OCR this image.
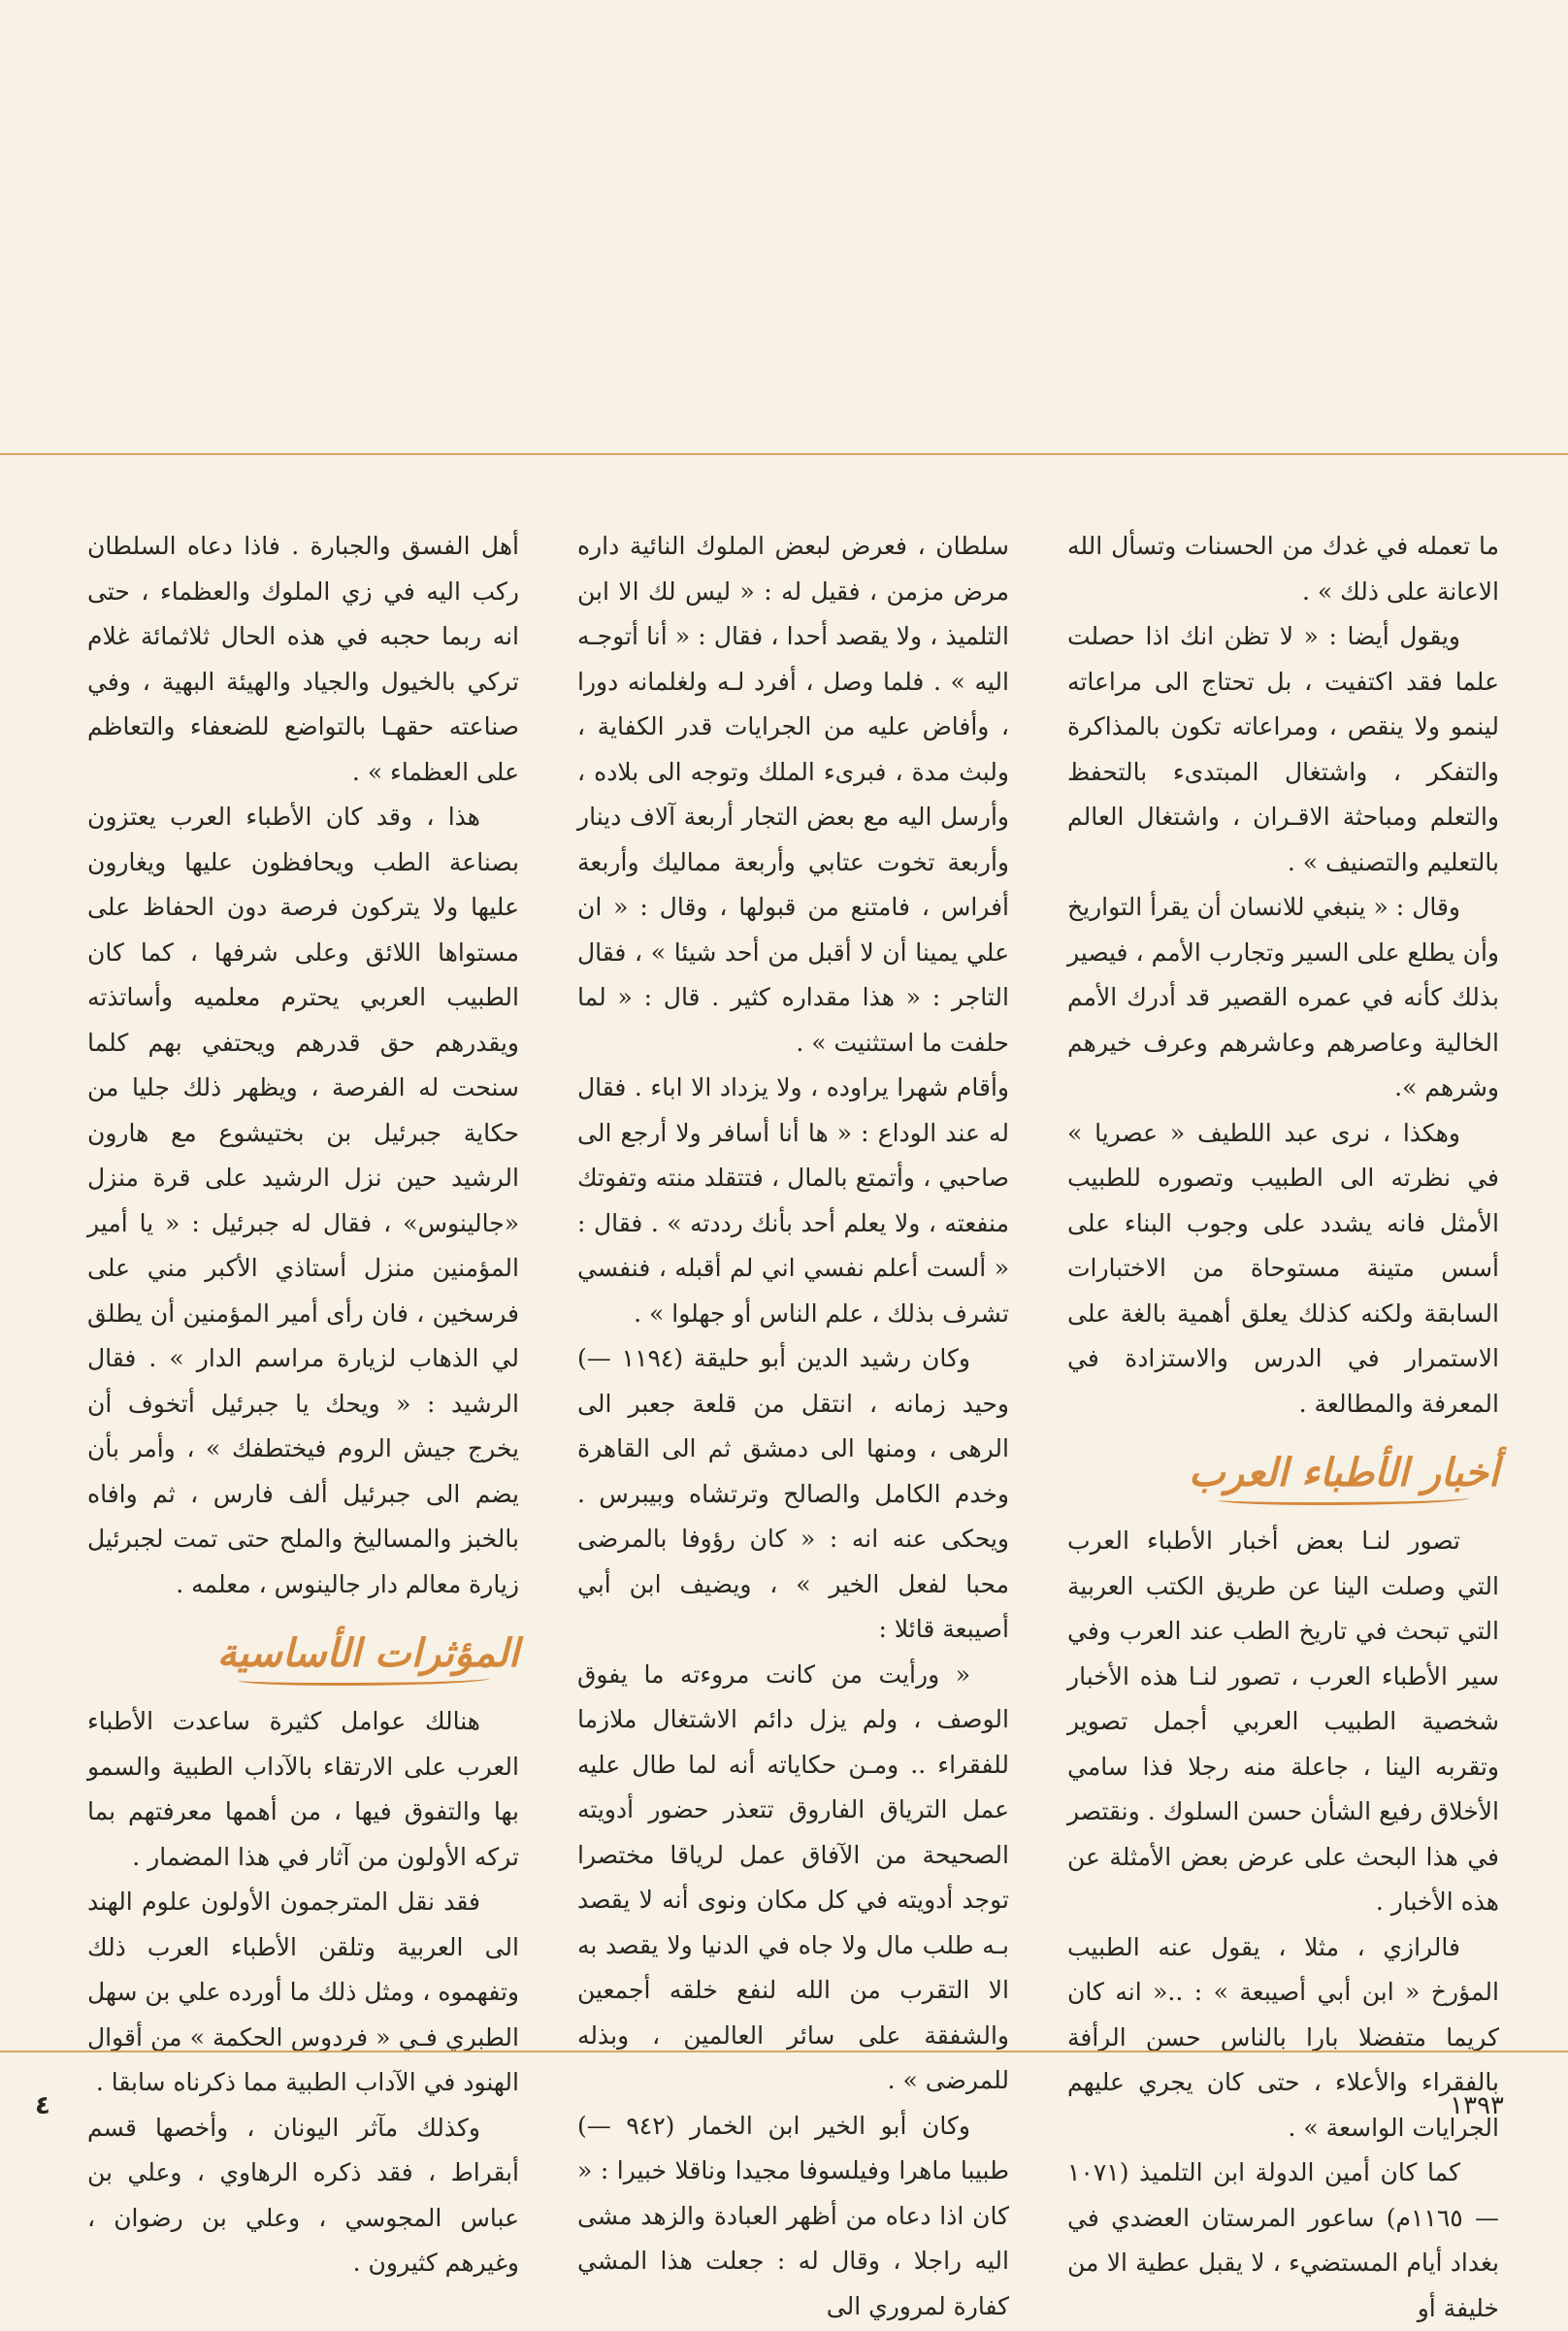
ما تعمله في غدك من الحسنات وتسأل الله الاعانة على ذلك » .

ويقول أيضا : « لا تظن انك اذا حصلت علما فقد اكتفيت ، بل تحتاج الى مراعاته لينمو ولا ينقص ، ومراعاته تكون بالمذاكرة والتفكر ، واشتغال المبتدىء بالتحفظ والتعلم ومباحثة الاقـران ، واشتغال العالم بالتعليم والتصنيف » .

وقال : « ينبغي للانسان أن يقرأ التواريخ وأن يطلع على السير وتجارب الأمم ، فيصير بذلك كأنه في عمره القصير قد أدرك الأمم الخالية وعاصرهم وعاشرهم وعرف خيرهم وشرهم ».

وهكذا ، نرى عبد اللطيف « عصريا » في نظرته الى الطبيب وتصوره للطبيب الأمثل فانه يشدد على وجوب البناء على أسس متينة مستوحاة من الاختبارات السابقة ولكنه كذلك يعلق أهمية بالغة على الاستمرار في الدرس والاستزادة في المعرفة والمطالعة .

أخبار الأطباء العرب

تصور لنـا بعض أخبار الأطباء العرب التي وصلت الينا عن طريق الكتب العربية التي تبحث في تاريخ الطب عند العرب وفي سير الأطباء العرب ، تصور لنـا هذه الأخبار شخصية الطبيب العربي أجمل تصوير وتقربه الينا ، جاعلة منه رجلا فذا سامي الأخلاق رفيع الشأن حسن السلوك . ونقتصر في هذا البحث على عرض بعض الأمثلة عن هذه الأخبار .

فالرازي ، مثلا ، يقول عنه الطبيب المؤرخ « ابن أبي أصيبعة » : ..« انه كان كريما متفضلا بارا بالناس حسن الرأفة بالفقراء والأعلاء ، حتى كان يجري عليهم الجرايات الواسعة » .

كما كان أمين الدولة ابن التلميذ (١٠٧١ — ١١٦٥م) ساعور المرستان العضدي في بغداد أيام المستضيء ، لا يقبل عطية الا من خليفة أو

سلطان ، فعرض لبعض الملوك النائية داره مرض مزمن ، فقيل له : « ليس لك الا ابن التلميذ ، ولا يقصد أحدا ، فقال : « أنا أتوجـه اليه » . فلما وصل ، أفرد لـه ولغلمانه دورا ، وأفاض عليه من الجرايات قدر الكفاية ، ولبث مدة ، فبرىء الملك وتوجه الى بلاده ، وأرسل اليه مع بعض التجار أربعة آلاف دينار وأربعة تخوت عتابي وأربعة مماليك وأربعة أفراس ، فامتنع من قبولها ، وقال : « ان علي يمينا أن لا أقبل من أحد شيئا » ، فقال التاجر : « هذا مقداره كثير . قال : « لما حلفت ما استثنيت » .

وأقام شهرا يراوده ، ولا يزداد الا اباء . فقال له عند الوداع : « ها أنا أسافر ولا أرجع الى صاحبي ، وأتمتع بالمال ، فتتقلد منته وتفوتك منفعته ، ولا يعلم أحد بأنك رددته » . فقال : « ألست أعلم نفسي اني لم أقبله ، فنفسي تشرف بذلك ، علم الناس أو جهلوا » .

وكان رشيد الدين أبو حليقة (١١٩٤ —) وحيد زمانه ، انتقل من قلعة جعبر الى الرهى ، ومنها الى دمشق ثم الى القاهرة وخدم الكامل والصالح وترتشاه وبيبرس . ويحكى عنه انه : « كان رؤوفا بالمرضى محبا لفعل الخير » ، ويضيف ابن أبي أصيبعة قائلا :

« ورأيت من كانت مروءته ما يفوق الوصف ، ولم يزل دائم الاشتغال ملازما للفقراء .. ومـن حكاياته أنه لما طال عليه عمل الترياق الفاروق تتعذر حضور أدويته الصحيحة من الآفاق عمل لرياقا مختصرا توجد أدويته في كل مكان ونوى أنه لا يقصد بـه طلب مال ولا جاه في الدنيا ولا يقصد به الا التقرب من الله لنفع خلقه أجمعين والشفقة على سائر العالمين ، وبذله للمرضى » .

وكان أبو الخير ابن الخمار (٩٤٢ —) طبيبا ماهرا وفيلسوفا مجيدا وناقلا خبيرا : « كان اذا دعاه من أظهر العبادة والزهد مشى اليه راجلا ، وقال له : جعلت هذا المشي كفارة لمروري الى

أهل الفسق والجبارة . فاذا دعاه السلطان ركب اليه في زي الملوك والعظماء ، حتى انه ربما حجبه في هذه الحال ثلاثمائة غلام تركي بالخيول والجياد والهيئة البهية ، وفي صناعته حقهـا بالتواضع للضعفاء والتعاظم على العظماء » .

هذا ، وقد كان الأطباء العرب يعتزون بصناعة الطب ويحافظون عليها ويغارون عليها ولا يتركون فرصة دون الحفاظ على مستواها اللائق وعلى شرفها ، كما كان الطبيب العربي يحترم معلميه وأساتذته ويقدرهم حق قدرهم ويحتفي بهم كلما سنحت له الفرصة ، ويظهر ذلك جليا من حكاية جبرئيل بن بختيشوع مع هارون الرشيد حين نزل الرشيد على قرة منزل «جالينوس» ، فقال له جبرئيل : « يا أمير المؤمنين منزل أستاذي الأكبر مني على فرسخين ، فان رأى أمير المؤمنين أن يطلق لي الذهاب لزيارة مراسم الدار » . فقال الرشيد : « ويحك يا جبرئيل أتخوف أن يخرج جيش الروم فيختطفك » ، وأمر بأن يضم الى جبرئيل ألف فارس ، ثم وافاه بالخبز والمساليخ والملح حتى تمت لجبرئيل زيارة معالم دار جالينوس ، معلمه .

المؤثرات الأساسية

هنالك عوامل كثيرة ساعدت الأطباء العرب على الارتقاء بالآداب الطبية والسمو بها والتفوق فيها ، من أهمها معرفتهم بما تركه الأولون من آثار في هذا المضمار .

فقد نقل المترجمون الأولون علوم الهند الى العربية وتلقن الأطباء العرب ذلك وتفهموه ، ومثل ذلك ما أورده علي بن سهل الطبري فـي « فردوس الحكمة » من أقوال الهنود في الآداب الطبية مما ذكرناه سابقا .

وكذلك مآثر اليونان ، وأخصها قسم أبقراط ، فقد ذكره الرهاوي ، وعلي بن عباس المجوسي ، وعلي بن رضوان ، وغيرهم كثيرون .

٤	١٣٩٣
